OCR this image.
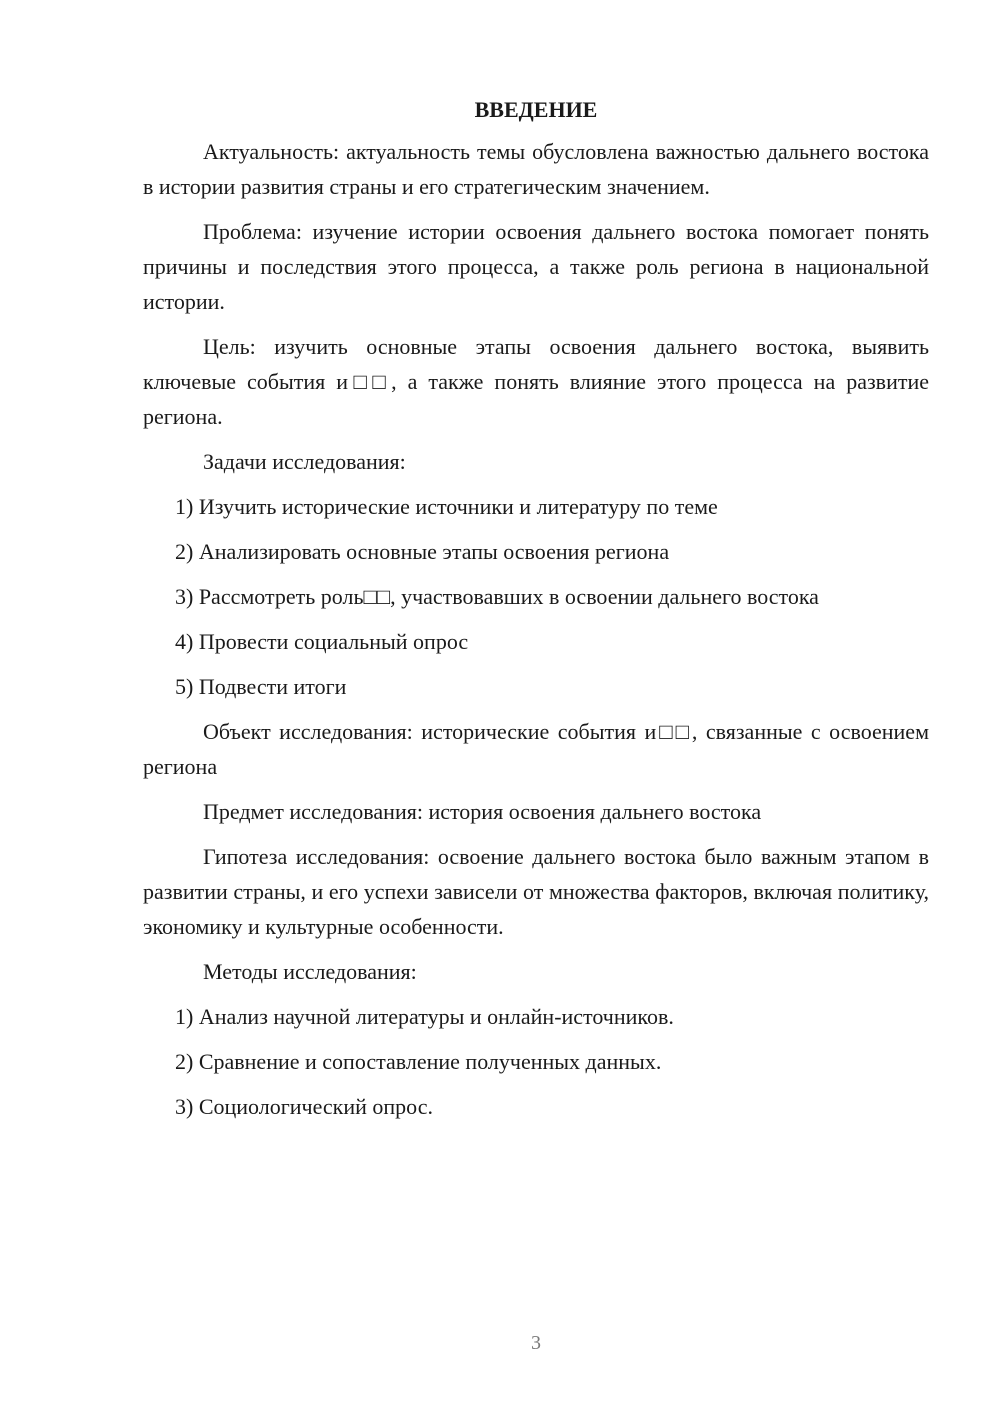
ВВЕДЕНИЕ

Актуальность: актуальность темы обусловлена важностью дальнего востока в истории развития страны и его стратегическим значением.

Проблема: изучение истории освоения дальнего востока помогает понять причины и последствия этого процесса, а также роль региона в национальной истории.

Цель: изучить основные этапы освоения дальнего востока, выявить ключевые события и□□, а также понять влияние этого процесса на развитие региона.

Задачи исследования:

1) Изучить исторические источники и литературу по теме

2) Анализировать основные этапы освоения региона

3) Рассмотреть роль□□, участвовавших в освоении дальнего востока

4) Провести социальный опрос

5) Подвести итоги

Объект исследования: исторические события и□□, связанные с освоением региона

Предмет исследования: история освоения дальнего востока

Гипотеза исследования: освоение дальнего востока было важным этапом в развитии страны, и его успехи зависели от множества факторов, включая политику, экономику и культурные особенности.

Методы исследования:

1) Анализ научной литературы и онлайн-источников.

2) Сравнение и сопоставление полученных данных.

3) Социологический опрос.

3
